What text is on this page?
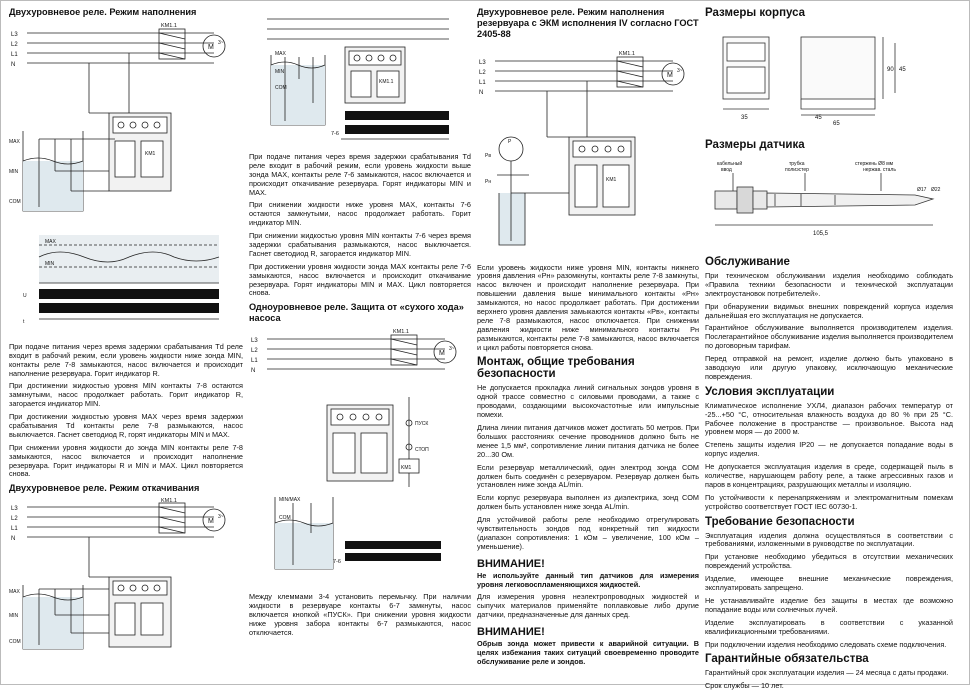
Двухуровневое реле. Режим наполнения
L3
L2
L1
N
KM1.1
M
3~
KM1
MAX
MIN
COM
MAX
MIN
U
t

При подаче питания через время задержки срабатывания Td реле входит в рабочий режим, если уровень жидкости ниже зонда MIN, контакты реле 7-8 замыкаются, насос включается и происходит наполнение резервуара. Горит индикатор R.

При достижении жидкостью уровня MIN контакты 7-8 остаются замкнутыми, насос продолжает работать. Горит индикатор R, загорается индикатор MIN.

При достижении жидкостью уровня MAX через время задержки срабатывания Td контакты реле 7-8 размыкаются, насос выключается. Гаснет светодиод R, горят индикаторы MIN и MAX.

При снижении уровня жидкости до зонда MIN контакты реле 7-8 замыкаются, насос включается и происходит наполнение резервуара. Горит индикаторы R и MIN и MAX. Цикл повторяется снова.

Двухуровневое реле. Режим откачивания
L3
L2
L1
N
KM1.1
M
3~
MAX
MIN
COM
MAX
MIN
COM
KM1.1
7-6

При подаче питания через время задержки срабатывания Td реле входит в рабочий режим, если уровень жидкости выше зонда MAX, контакты реле 7-6 замыкаются, насос включается и происходит откачивание резервуара. Горят индикаторы MIN и MAX.

При снижении жидкости ниже уровня MAX, контакты 7-6 остаются замкнутыми, насос продолжает работать. Горит индикатор MIN.

При снижении жидкостью уровня MIN контакты 7-6 через время задержки срабатывания размыкаются, насос выключается. Гаснет светодиод R, загорается индикатор MIN.

При достижении уровня жидкости зонда MAX контакты реле 7-6 замыкаются, насос включается и происходит откачивание резервуара. Горят индикаторы MIN и MAX. Цикл повторяется снова.

Одноуровневое реле. Защита от «сухого хода» насоса
L3
L2
L1
N
KM1.1
M
3~
ПУСК
СТОП
KM1
MIN/MAX
COM
7-6

Между клеммами 3-4 установить перемычку. При наличии жидкости в резервуаре контакты 6-7 замкнуты, насос включается кнопкой «ПУСК». При снижении уровня жидкости ниже уровня забора контакты 6-7 размыкаются, насос отключается.

Двухуровневое реле. Режим наполнения резервуара с ЭКМ исполнения IV согласно ГОСТ 2405-88
L3
L2
L1
N
KM1.1
M
3~
P
Pв
Pн	KM1

Если уровень жидкости ниже уровня MIN, контакты нижнего уровня давления «Рн» разомкнуты, контакты реле 7-8 замкнуты, насос включен и происходит наполнение резервуара. При повышении давления выше минимального контакты «Рн» замыкаются, но насос продолжает работать. При достижении верхнего уровня давления замыкаются контакты «Рв», контакты реле 7-8 размыкаются, насос отключается. При снижении давления жидкости ниже минимального контакты Pн размыкаются, контакты реле 7-8 замыкаются, насос включается и цикл работы повторяется снова.

Монтаж, общие требования безопасности

Не допускается прокладка линий сигнальных зондов уровня в одной трассе совместно с силовыми проводами, а также с проводами, создающими высокочастотные или импульсные помехи.

Длина линии питания датчиков может достигать 50 метров. При больших расстояниях сечение проводников должно быть не менее 1,5 мм², сопротивление линии питания датчика не более 20...30 Ом.

Если резервуар металлический, один электрод зонда COM должен быть соединён с резервуаром. Резервуар должен быть установлен ниже зонда AL/min.

Если корпус резервуара выполнен из диэлектрика, зонд COM должен быть установлен ниже зонда AL/min.

Для устойчивой работы реле необходимо отрегулировать чувствительность зондов под конкретный тип жидкости (диапазон сопротивления: 1 кОм – увеличение, 100 кОм – уменьшение).

ВНИМАНИЕ!

Не используйте данный тип датчиков для измерения уровня легковоспламеняющихся жидкостей.

Для измерения уровня неэлектропроводных жидкостей и сыпучих материалов применяйте поплавковые либо другие датчики, предназначенные для данных сред.

ВНИМАНИЕ!

Обрыв зонда может привести к аварийной ситуации. В целях избежания таких ситуаций своевременно проводите обслуживание реле и зондов.

Размеры корпуса
35
65
45
90 45
Размеры датчика
кабельный
ввод
трубка
полиэстер
стержень Ø8 мм
нержав. сталь
Ø17 Ø22
105,5
Обслуживание

При техническом обслуживании изделия необходимо соблюдать «Правила техники безопасности и технической эксплуатации электроустановок потребителей».

При обнаружении видимых внешних повреждений корпуса изделия дальнейшая его эксплуатация не допускается.

Гарантийное обслуживание выполняется производителем изделия. Послегарантийное обслуживание изделия выполняется производителем по договорным тарифам.

Перед отправкой на ремонт, изделие должно быть упаковано в заводскую или другую упаковку, исключающую механические повреждения.

Условия эксплуатации

Климатическое исполнение УХЛ4, диапазон рабочих температур от -25...+50 °С, относительная влажность воздуха до 80 % при 25 °С. Рабочее положение в пространстве — произвольное. Высота над уровнем моря — до 2000 м.

Степень защиты изделия IP20 — не допускается попадание воды в корпус изделия.

Не допускается эксплуатация изделия в среде, содержащей пыль в количестве, нарушающем работу реле, а также агрессивных газов и паров в концентрациях, разрушающих металлы и изоляцию.

По устойчивости к перенапряжениям и электромагнитным помехам устройство соответствует ГОСТ IEC 60730-1.

Требование безопасности

Эксплуатация изделия должна осуществляться в соответствии с требованиями, изложенными в руководстве по эксплуатации.

При установке необходимо убедиться в отсутствии механических повреждений устройства.

Изделие, имеющее внешние механические повреждения, эксплуатировать запрещено.

Не устанавливайте изделие без защиты в местах где возможно попадание воды или солнечных лучей.

Изделие эксплуатировать в соответствии с указанной квалификационными требованиями.

При подключении изделия необходимо следовать схеме подключения.

Гарантийные обязательства

Гарантийный срок эксплуатации изделия — 24 месяца с даты продажи.

Срок службы — 10 лет.
